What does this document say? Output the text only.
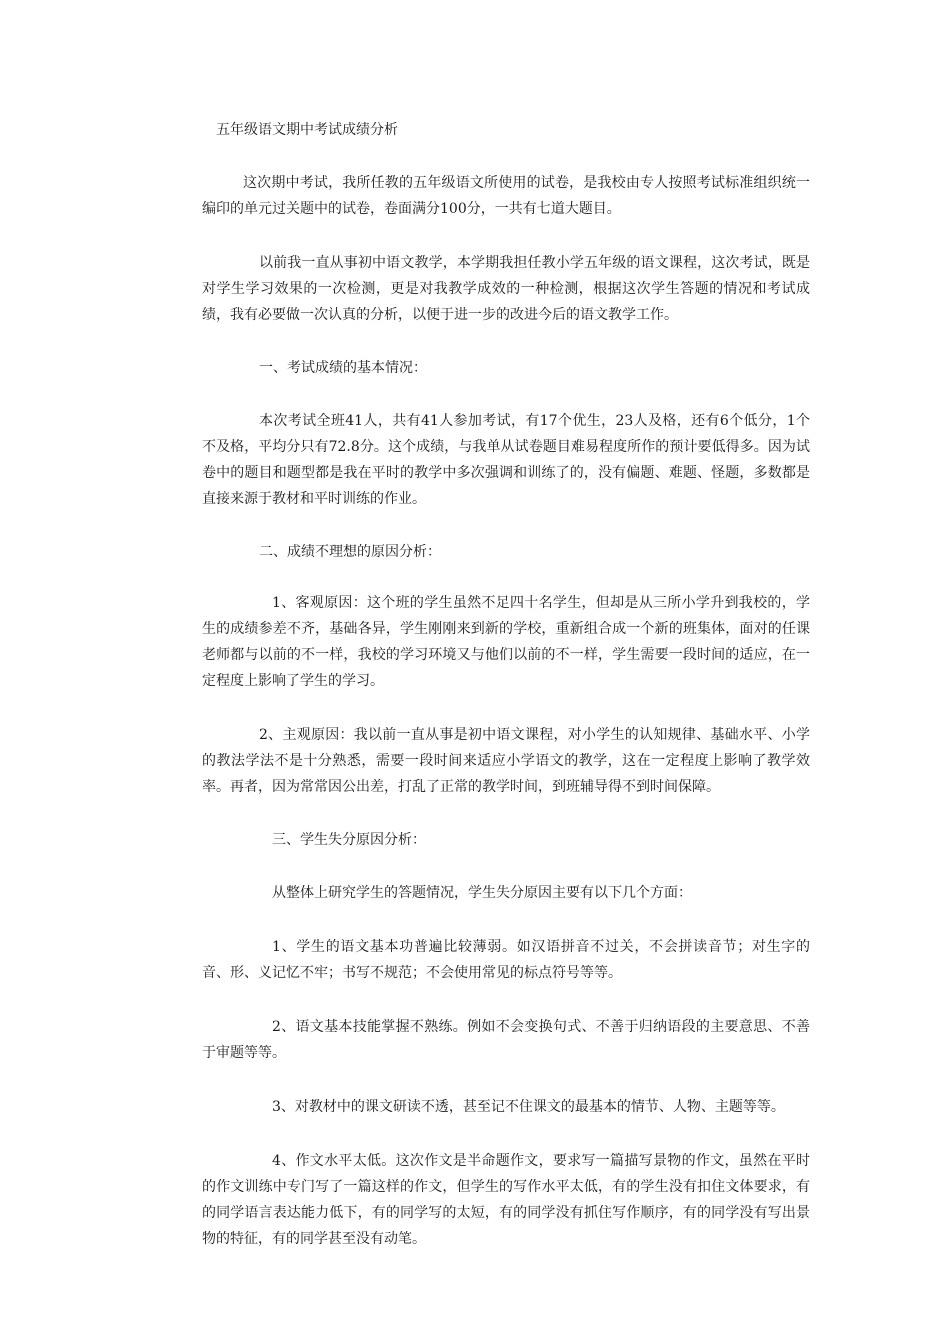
五年级语文期中考试成绩分析

这次期中考试，我所任教的五年级语文所使用的试卷，是我校由专人按照考试标准组织统一编印的单元过关题中的试卷，卷面满分100分，一共有七道大题目。

以前我一直从事初中语文教学，本学期我担任教小学五年级的语文课程，这次考试，既是对学生学习效果的一次检测，更是对我教学成效的一种检测，根据这次学生答题的情况和考试成绩，我有必要做一次认真的分析，以便于进一步的改进今后的语文教学工作。

一、考试成绩的基本情况：

本次考试全班41人，共有41人参加考试，有17个优生，23人及格，还有6个低分，1个不及格，平均分只有72.8分。这个成绩，与我单从试卷题目难易程度所作的预计要低得多。因为试卷中的题目和题型都是我在平时的教学中多次强调和训练了的，没有偏题、难题、怪题，多数都是直接来源于教材和平时训练的作业。

二、成绩不理想的原因分析：

1、客观原因：这个班的学生虽然不足四十名学生，但却是从三所小学升到我校的，学生的成绩参差不齐，基础各异，学生刚刚来到新的学校，重新组合成一个新的班集体，面对的任课老师都与以前的不一样，我校的学习环境又与他们以前的不一样，学生需要一段时间的适应，在一定程度上影响了学生的学习。

2、主观原因：我以前一直从事是初中语文课程，对小学生的认知规律、基础水平、小学的教法学法不是十分熟悉，需要一段时间来适应小学语文的教学，这在一定程度上影响了教学效率。再者，因为常常因公出差，打乱了正常的教学时间，到班辅导得不到时间保障。

三、学生失分原因分析：

从整体上研究学生的答题情况，学生失分原因主要有以下几个方面：

1、学生的语文基本功普遍比较薄弱。如汉语拼音不过关，不会拼读音节；对生字的音、形、义记忆不牢；书写不规范；不会使用常见的标点符号等等。

2、语文基本技能掌握不熟练。例如不会变换句式、不善于归纳语段的主要意思、不善于审题等等。

3、对教材中的课文研读不透，甚至记不住课文的最基本的情节、人物、主题等等。

4、作文水平太低。这次作文是半命题作文，要求写一篇描写景物的作文，虽然在平时的作文训练中专门写了一篇这样的作文，但学生的写作水平太低，有的学生没有扣住文体要求，有的同学语言表达能力低下，有的同学写的太短，有的同学没有抓住写作顺序，有的同学没有写出景物的特征，有的同学甚至没有动笔。
